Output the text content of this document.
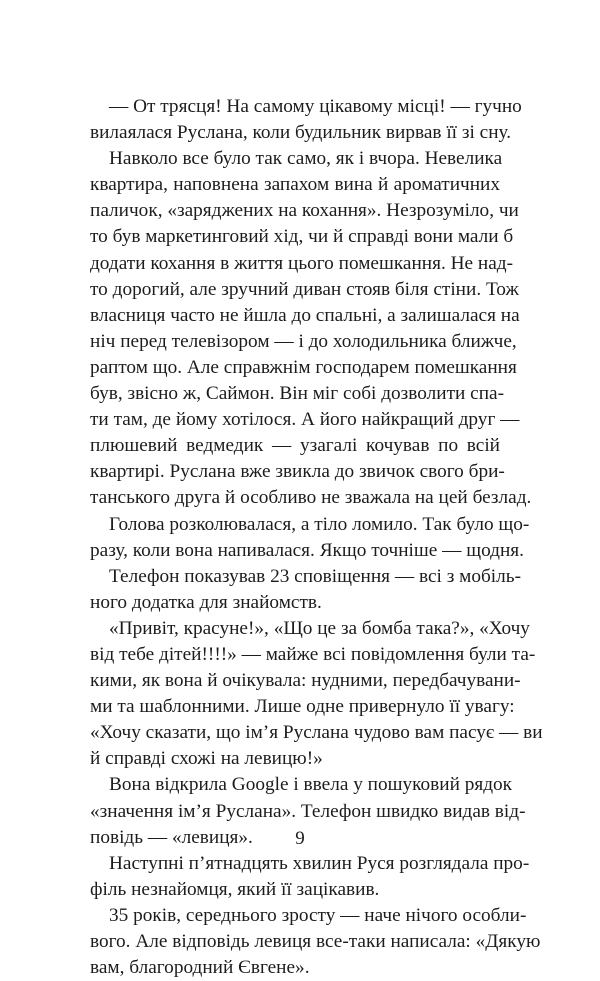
— От трясця! На самому цікавому місці! — гучно
вилаялася Руслана, коли будильник вирвав її зі сну.
Навколо все було так само, як і вчора. Невелика
квартира, наповнена запахом вина й ароматичних
паличок, «заряджених на кохання». Незрозуміло, чи
то був маркетинговий хід, чи й справді вони мали б
додати кохання в життя цього помешкання. Не над-
то дорогий, але зручний диван стояв біля стіни. Тож
власниця часто не йшла до спальні, а залишалася на
ніч перед телевізором — і до холодильника ближче,
раптом що. Але справжнім господарем помешкання
був, звісно ж, Саймон. Він міг собі дозволити спа-
ти там, де йому хотілося. А його найкращий друг —
плюшевий ведмедик — узагалі кочував по всій
квартирі. Руслана вже звикла до звичок свого бри-
танського друга й особливо не зважала на цей безлад.
Голова розколювалася, а тіло ломило. Так було що-
разу, коли вона напивалася. Якщо точніше — щодня.
Телефон показував 23 сповіщення — всі з мобіль-
ного додатка для знайомств.
«Привіт, красуне!», «Що це за бомба така?», «Хочу
від тебе дітей!!!!» — майже всі повідомлення були та-
кими, як вона й очікувала: нудними, передбачувани-
ми та шаблонними. Лише одне привернуло її увагу:
«Хочу сказати, що ім’я Руслана чудово вам пасує — ви
й справді схожі на левицю!»
Вона відкрила Google і ввела у пошуковий рядок
«значення ім’я Руслана». Телефон швидко видав від-
повідь — «левиця».
Наступні п’ятнадцять хвилин Руся розглядала про-
філь незнайомця, який її зацікавив.
35 років, середнього зросту — наче нічого особли-
вого. Але відповідь левиця все-таки написала: «Дякую
вам, благородний Євгене».
9
